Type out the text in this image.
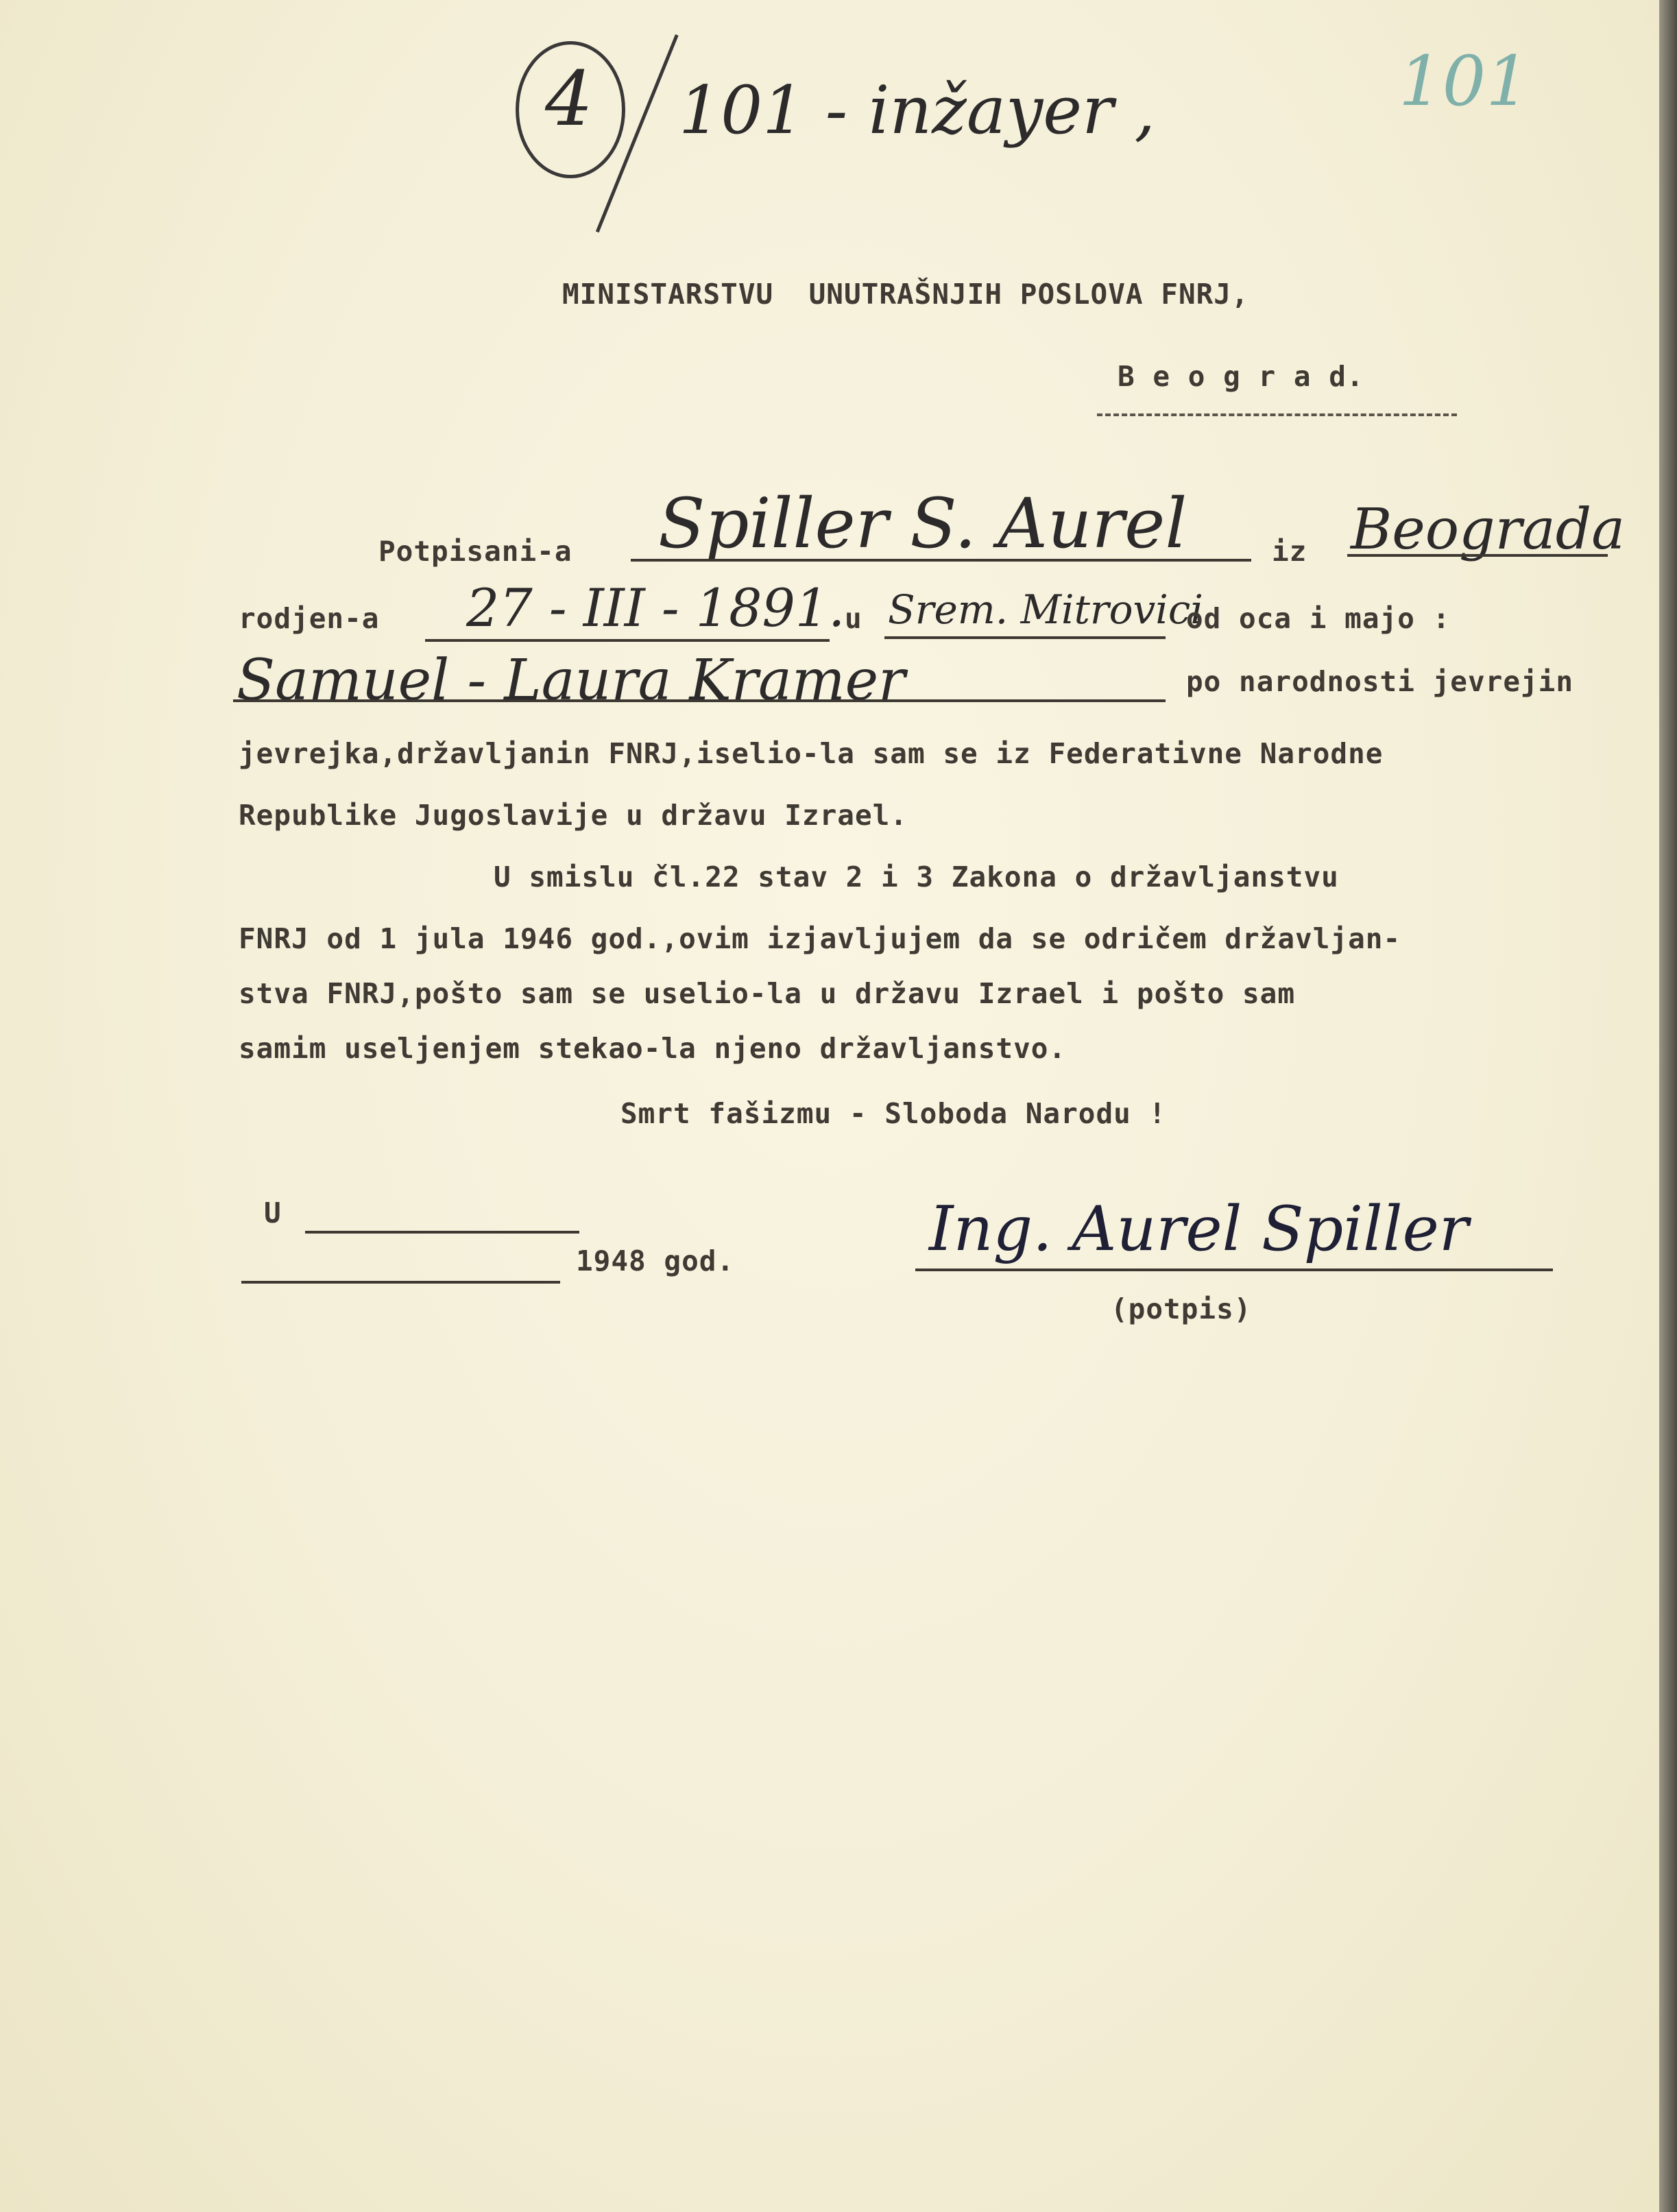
4 101 - inžayer ,	101
MINISTARSTVU  UNUTRAŠNJIH POSLOVA FNRJ,
B e o g r a d.
Potpisani-a Spiller S. Aurel	iz Beograda
rodjen-a 27 - III - 1891. u Srem. Mitrovici
od oca i majo :
Samuel - Laura Kramer	po narodnosti jevrejin
jevrejka,državljanin FNRJ,iselio-la sam se iz Federativne Narodne
Republike Jugoslavije u državu Izrael.
U smislu čl.22 stav 2 i 3 Zakona o državljanstvu
FNRJ od 1 jula 1946 god.,ovim izjavljujem da se odričem državljan-
stva FNRJ,pošto sam se uselio-la u državu Izrael i pošto sam
samim useljenjem stekao-la njeno državljanstvo.
Smrt fašizmu - Sloboda Narodu !
U
1948 god.	Ing. Aurel Spiller
(potpis)
